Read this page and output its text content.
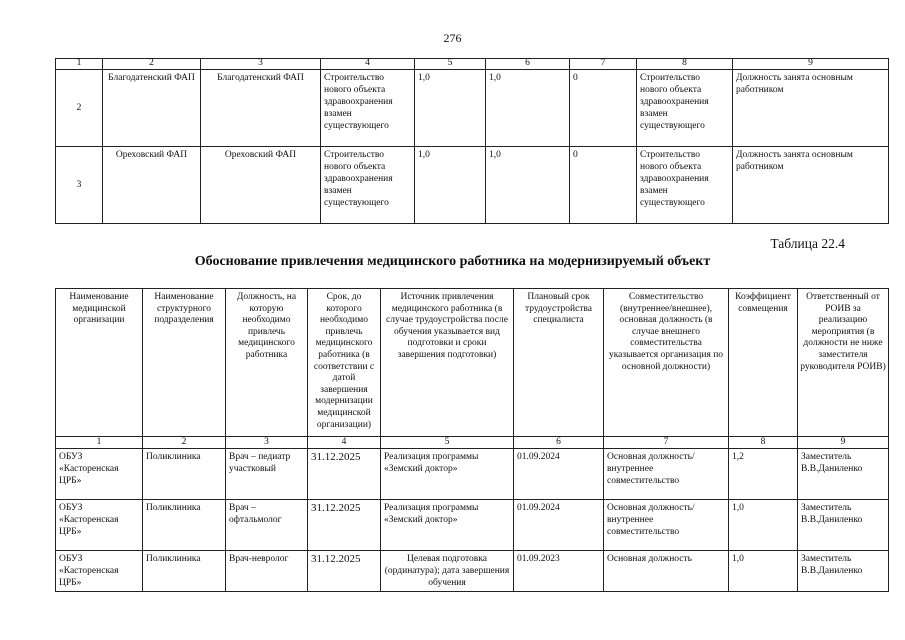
276
1	2	3	4	5	6	7	8	9
2	Благодатенский ФАП	Благодатенский ФАП	Строительство нового объекта здравоохранения взамен существующего	1,0	1,0	0	Строительство нового объекта здравоохранения взамен существующего	Должность занята основным работником
3	Ореховский ФАП	Ореховский ФАП	Строительство нового объекта здравоохранения взамен существующего	1,0	1,0	0	Строительство нового объекта здравоохранения взамен существующего	Должность занята основным работником
Таблица 22.4
Обоснование привлечения медицинского работника на модернизируемый объект
Наименование медицинской организации	Наименование структурного подразделения	Должность, на которую необходимо привлечь медицинского работника	Срок, до которого необходимо привлечь медицинского работника (в соответствии с датой завершения модернизации медицинской организации)	Источник привлечения медицинского работника (в случае трудоустройства после обучения указывается вид подготовки и сроки завершения подготовки)	Плановый срок трудоустройства специалиста	Совместительство (внутреннее/внешнее), основная должность (в случае внешнего совместительства указывается организация по основной должности)	Коэффициент совмещения	Ответственный от РОИВ за реализацию мероприятия (в должности не ниже заместителя руководителя РОИВ)
1	2	3	4	5	6	7	8	9
ОБУЗ «Касторенская ЦРБ»	Поликлиника	Врач – педиатр участковый	31.12.2025	Реализация программы «Земский доктор»	01.09.2024	Основная должность/внутреннее совместительство	1,2	Заместитель В.В.Даниленко
ОБУЗ «Касторенская ЦРБ»	Поликлиника	Врач – офтальмолог	31.12.2025	Реализация программы «Земский доктор»	01.09.2024	Основная должность/внутреннее совместительство	1,0	Заместитель В.В.Даниленко
ОБУЗ «Касторенская ЦРБ»	Поликлиника	Врач-невролог	31.12.2025	Целевая подготовка (ординатура); дата завершения обучения	01.09.2023	Основная должность	1,0	Заместитель В.В.Даниленко
